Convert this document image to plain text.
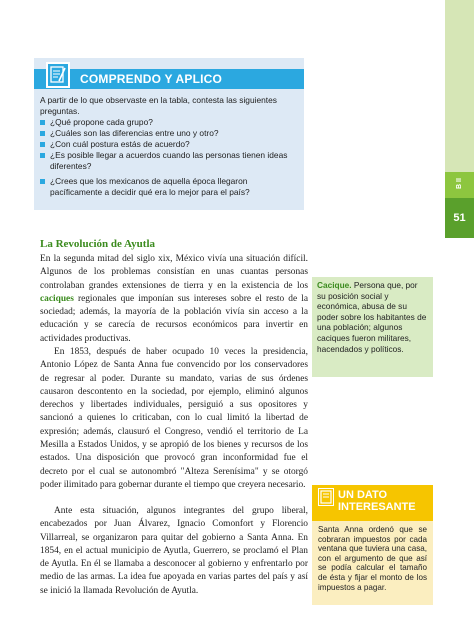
B II
51
COMPRENDO Y APLICO
A partir de lo que observaste en la tabla, contesta las siguientes preguntas.
¿Qué propone cada grupo?
¿Cuáles son las diferencias entre uno y otro?
¿Con cuál postura estás de acuerdo?
¿Es posible llegar a acuerdos cuando las personas tienen ideas diferentes?
¿Crees que los mexicanos de aquella época llegaron pacíficamente a decidir qué era lo mejor para el país?
La Revolución de Ayutla
En la segunda mitad del siglo xix, México vivía una situación difícil. Algunos de los problemas consistían en unas cuantas personas controlaban grandes extensiones de tierra y en la existencia de los caciques regionales que imponían sus intereses sobre el resto de la sociedad; además, la mayoría de la población vivía sin acceso a la educación y se carecía de recursos económicos para invertir en actividades productivas.
En 1853, después de haber ocupado 10 veces la presidencia, Antonio López de Santa Anna fue convencido por los conservadores de regresar al poder. Durante su mandato, varias de sus órdenes causaron descontento en la sociedad, por ejemplo, eliminó algunos derechos y libertades individuales, persiguió a sus opositores y sancionó a quienes lo criticaban, con lo cual limitó la libertad de expresión; además, clausuró el Congreso, vendió el territorio de La Mesilla a Estados Unidos, y se apropió de los bienes y recursos de los estados. Una disposición que provocó gran inconformidad fue el decreto por el cual se autonombró "Alteza Serenísima" y se otorgó poder ilimitado para gobernar durante el tiempo que creyera necesario.
Ante esta situación, algunos integrantes del grupo liberal, encabezados por Juan Álvarez, Ignacio Comonfort y Florencio Villarreal, se organizaron para quitar del gobierno a Santa Anna. En 1854, en el actual municipio de Ayutla, Guerrero, se proclamó el Plan de Ayutla. En él se llamaba a desconocer al gobierno y enfrentarlo por medio de las armas. La idea fue apoyada en varias partes del país y así se inició la llamada Revolución de Ayutla.
Cacique. Persona que, por su posición social y económica, abusa de su poder sobre los habitantes de una población; algunos caciques fueron militares, hacendados y políticos.
UN DATO INTERESANTE
Santa Anna ordenó que se cobraran impuestos por cada ventana que tuviera una casa, con el argumento de que así se podía calcular el tamaño de ésta y fijar el monto de los impuestos a pagar.
